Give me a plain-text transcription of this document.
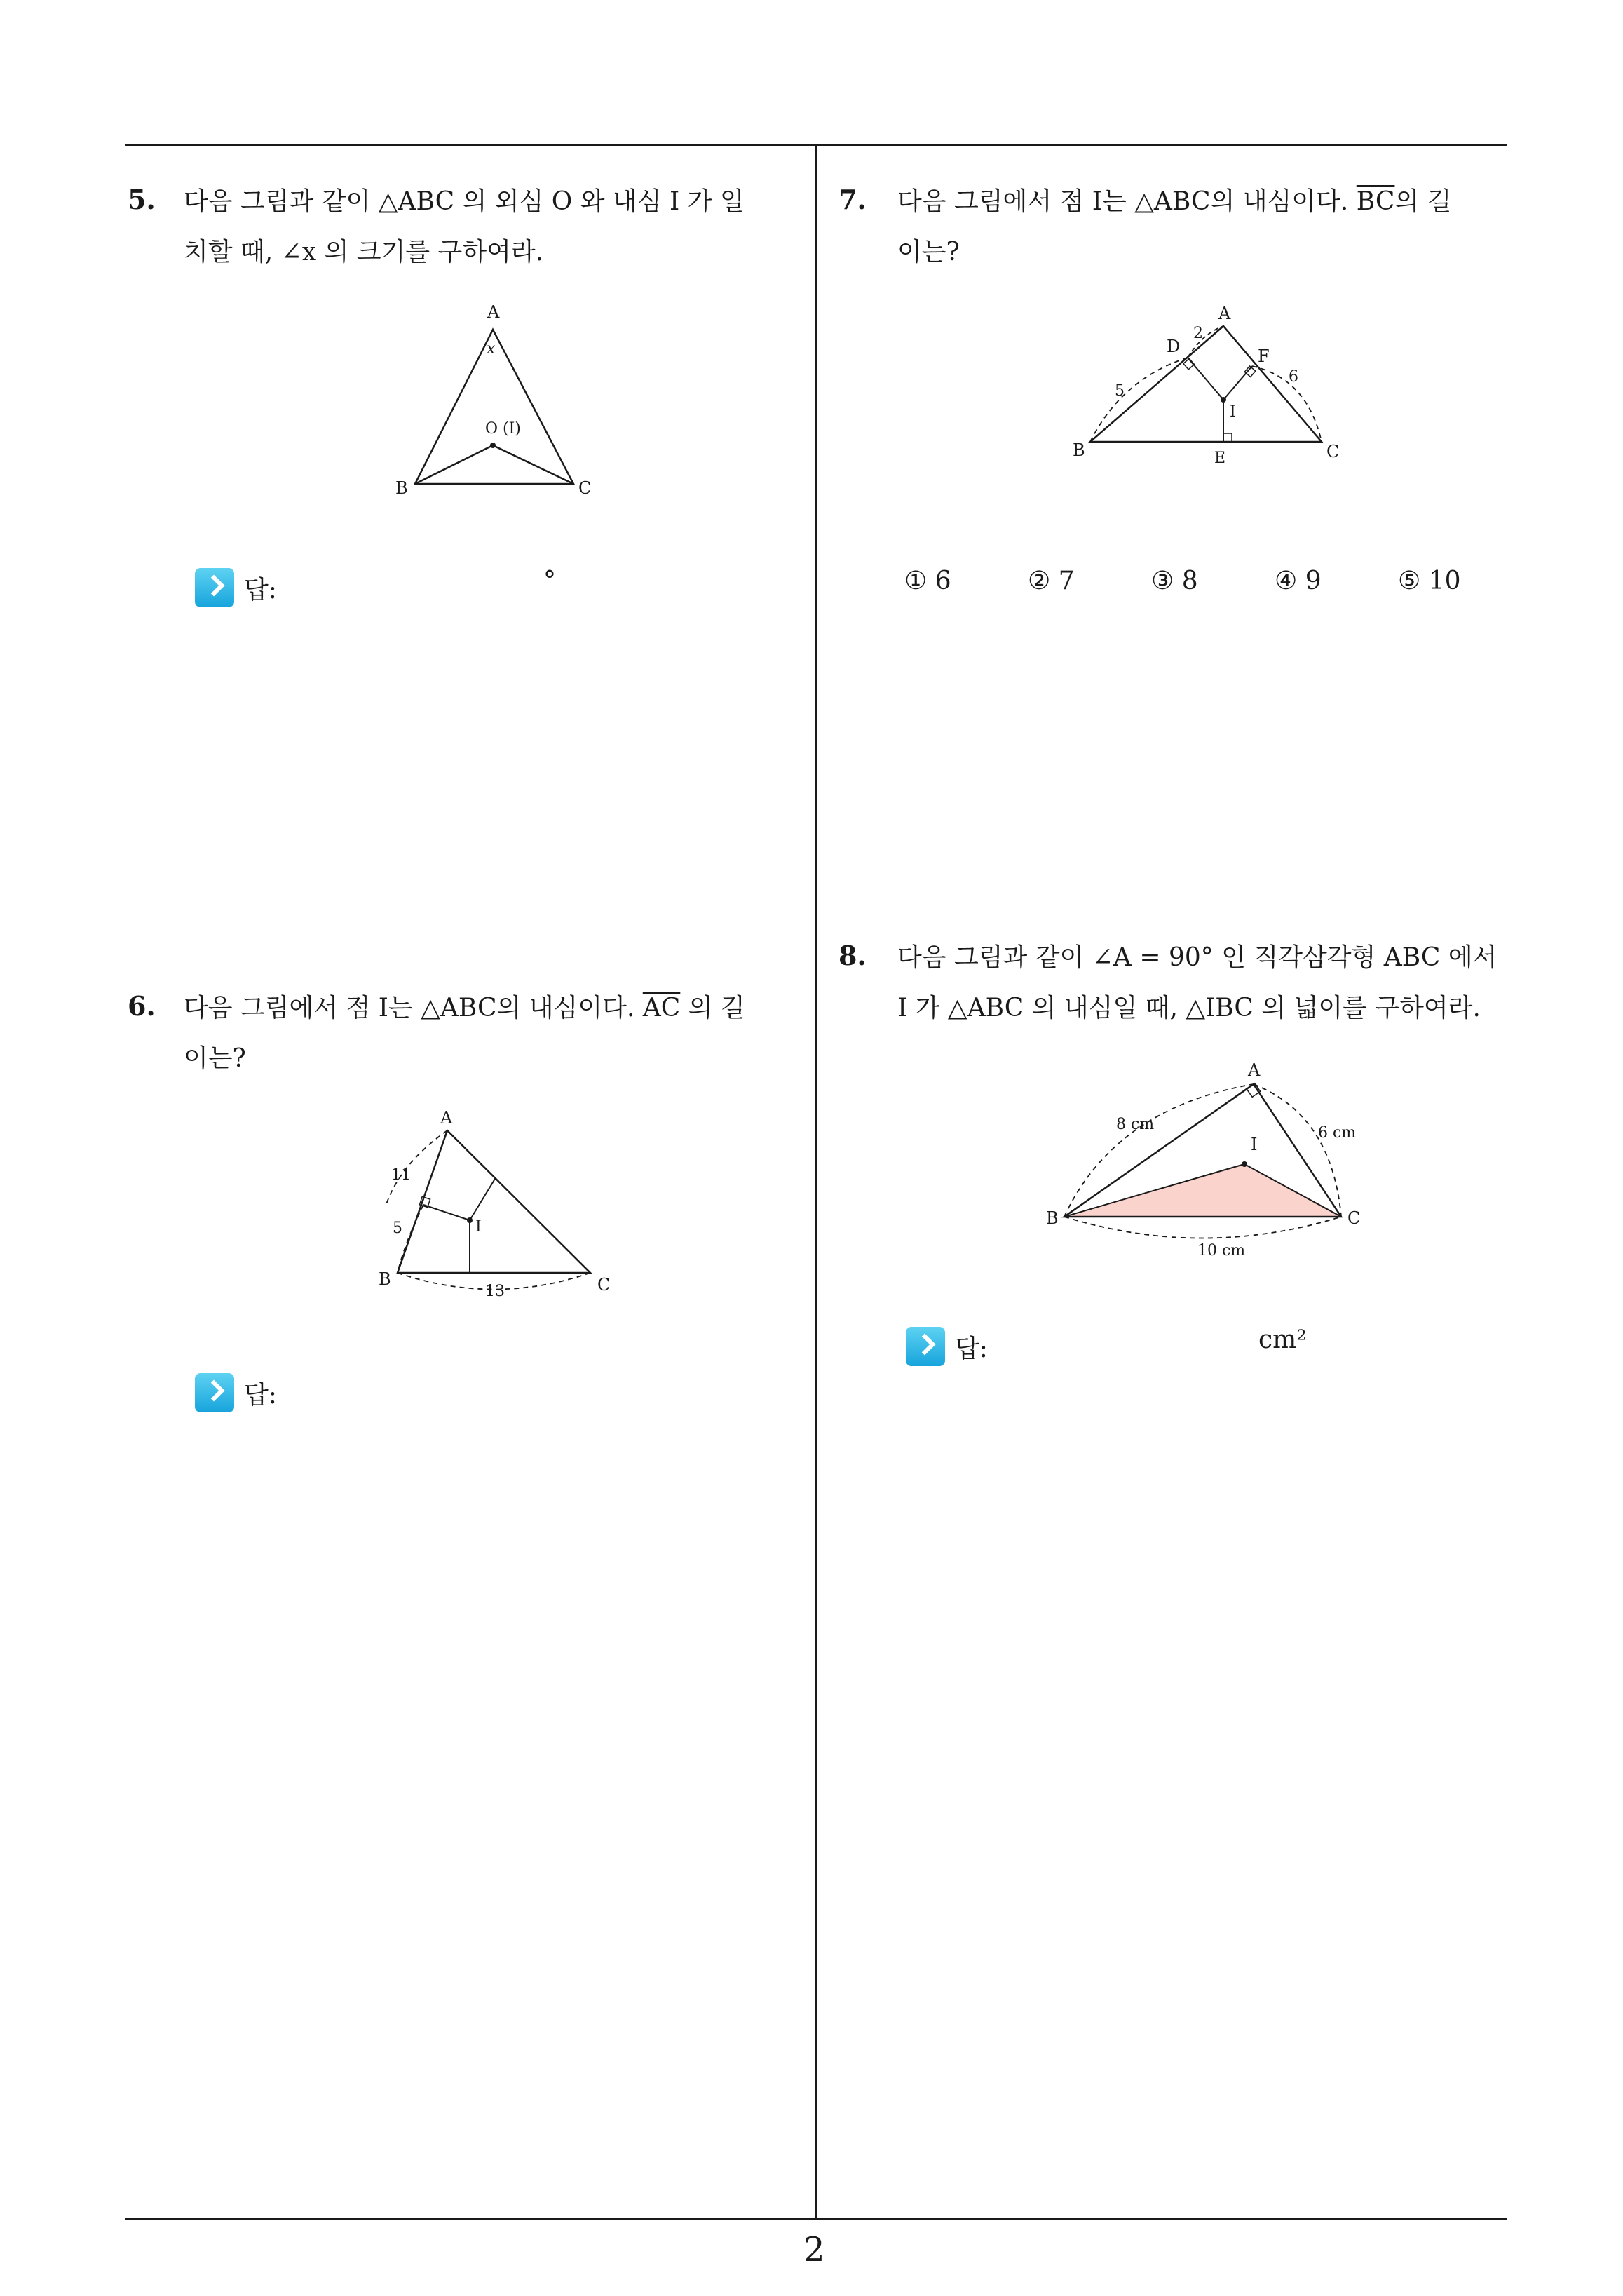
5. 다음 그림과 같이 △ABC 의 외심 O 와 내심 I 가 일
치할 때, ∠x 의 크기를 구하여라.
A
x
O (I)
B	C
답:	°
6. 다음 그림에서 점 I는 △ABC의 내심이다. $\overline{AC}$ 의 길
이는?
A
11
5	I
B
13	C
답:
7. 다음 그림에서 점 I는 △ABC의 내심이다. $\overline{BC}$의 길
이는?
A
2
D	F
6
5
I
B	E	C
① 6	② 7	③ 8	④ 9	⑤ 10
8. 다음 그림과 같이 ∠A = 90° 인 직각삼각형 ABC 에서
I 가 △ABC 의 내심일 때, △IBC 의 넓이를 구하여라.
A
8 cm	6 cm
I
B	C
10 cm
답:	cm²
2
